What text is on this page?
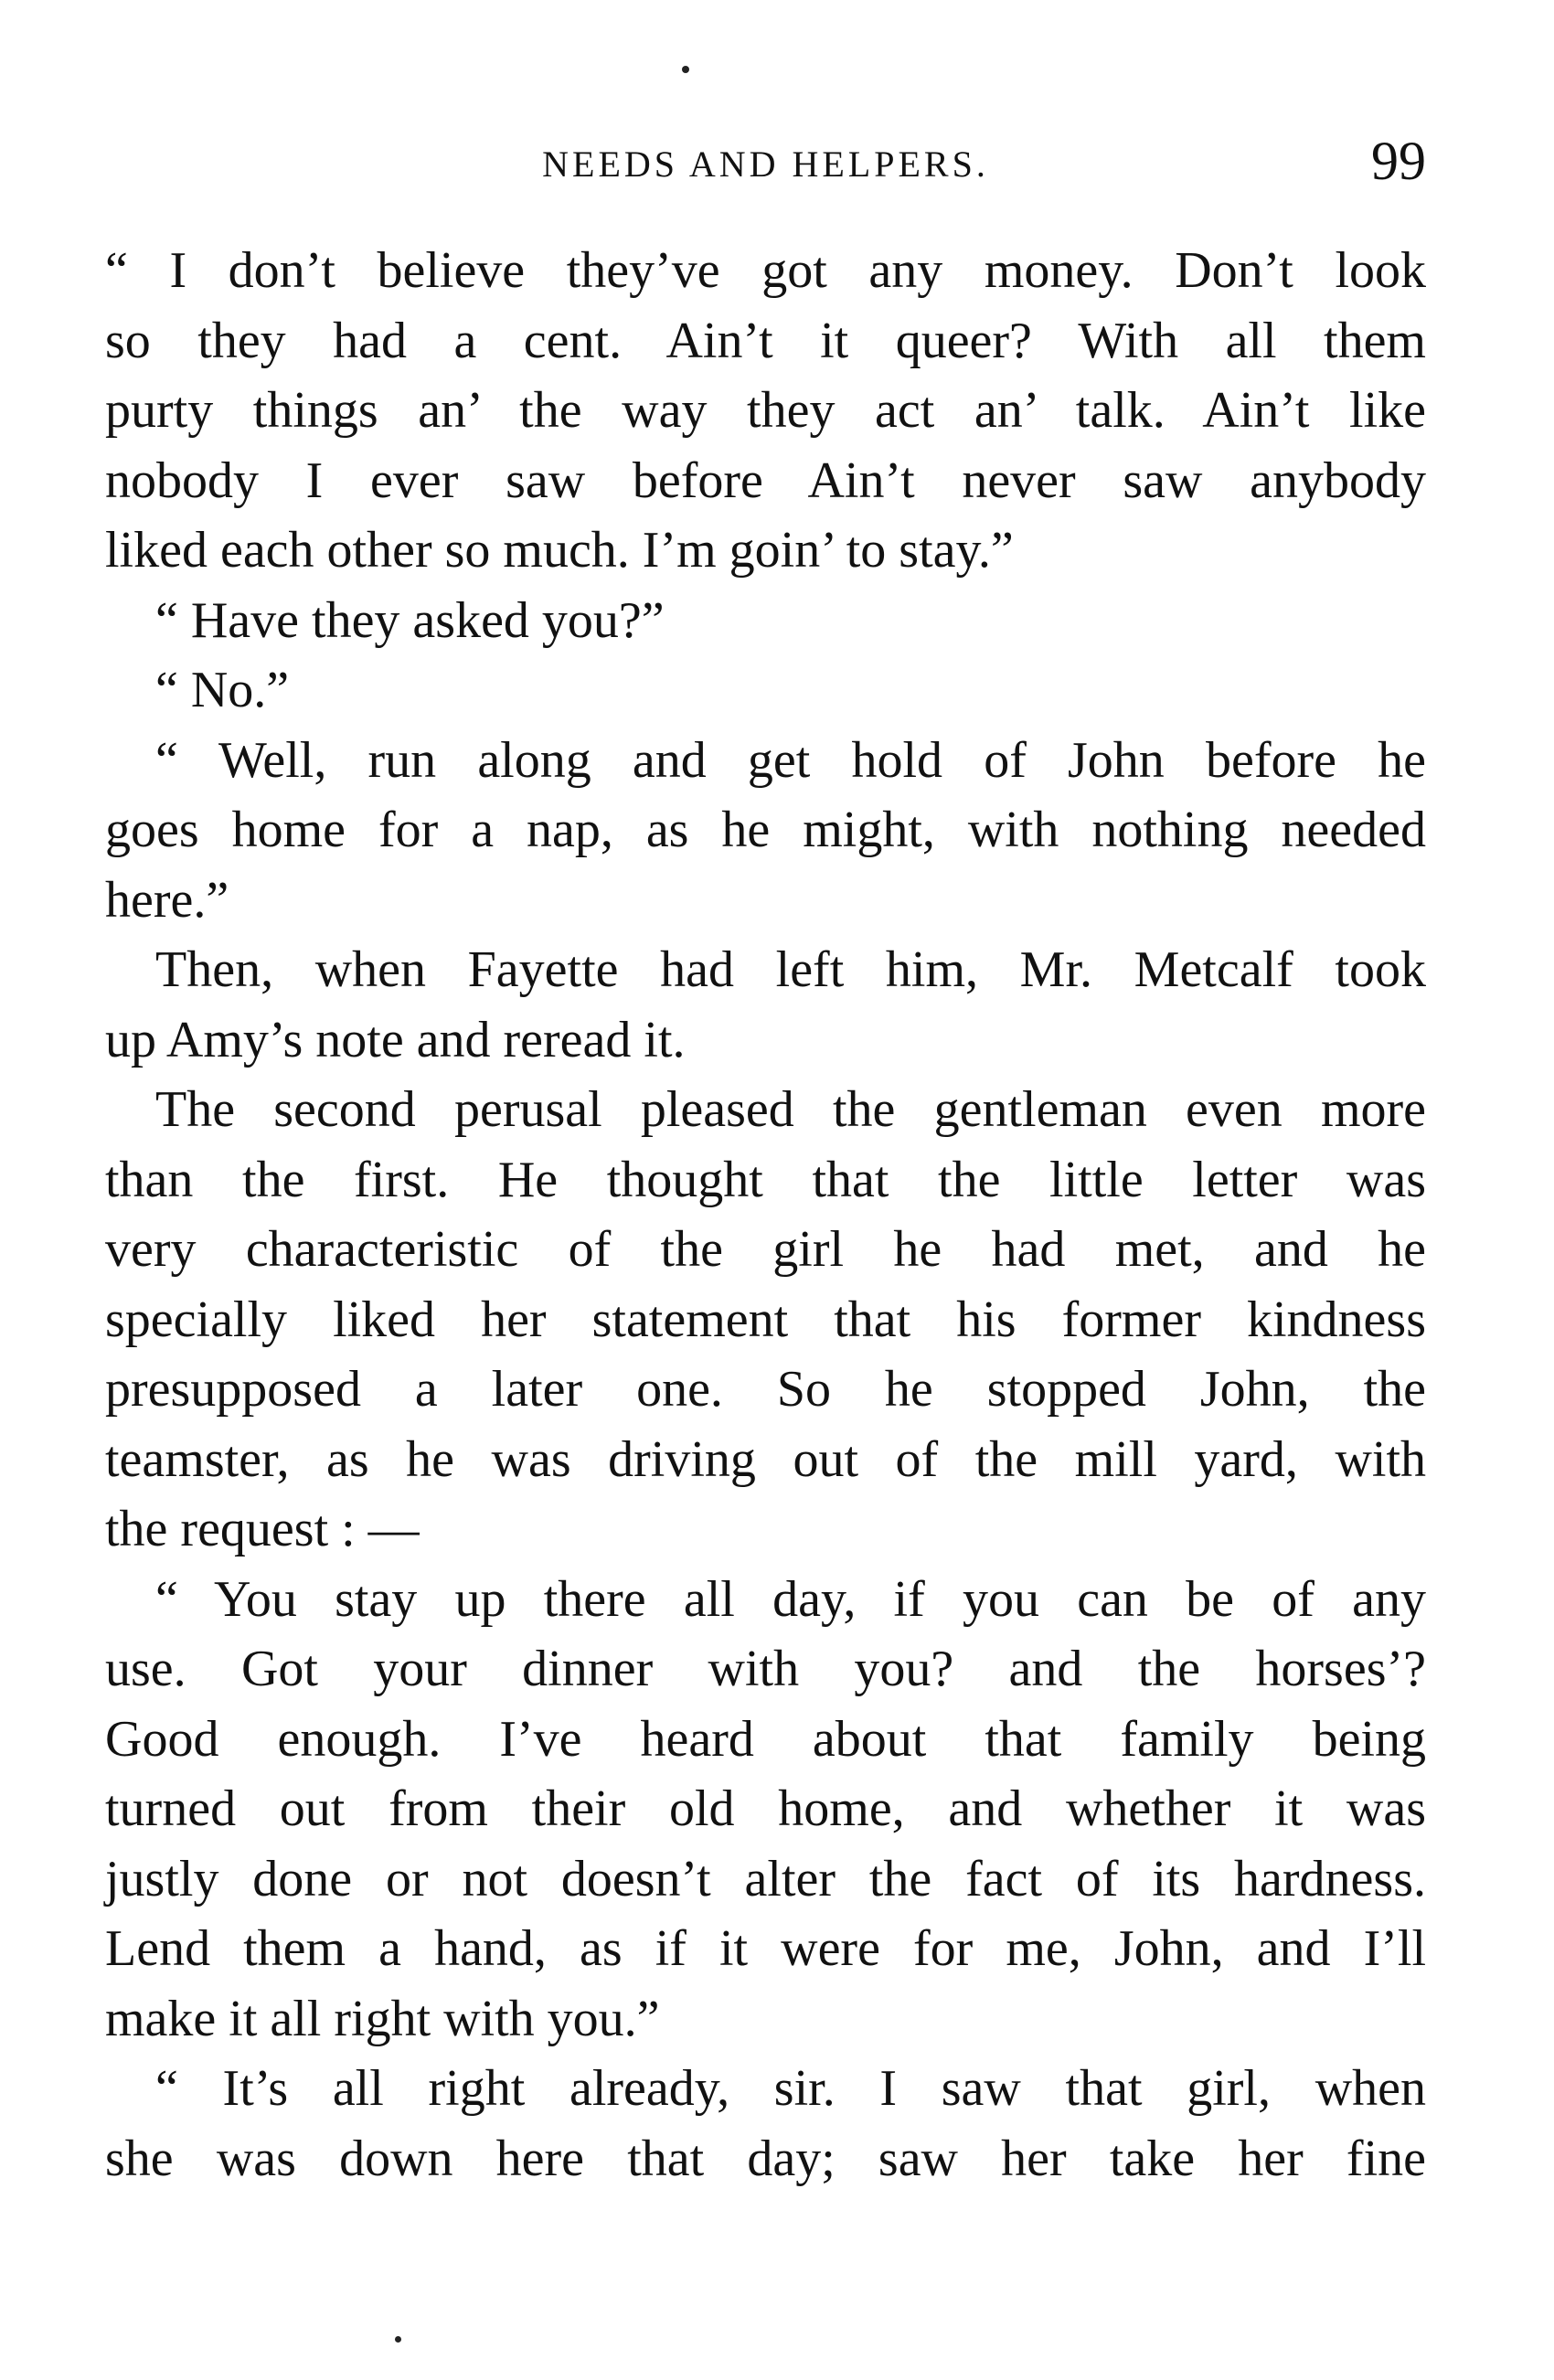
NEEDS AND HELPERS.	99
“ I don’t believe they’ve got any money. Don’t look
so they had a cent. Ain’t it queer? With all them
purty things an’ the way they act an’ talk. Ain’t like
nobody I ever saw before Ain’t never saw anybody
liked each other so much. I’m goin’ to stay.”
“ Have they asked you?”
“ No.”
“ Well, run along and get hold of John before he
goes home for a nap, as he might, with nothing needed
here.”
Then, when Fayette had left him, Mr. Metcalf took
up Amy’s note and reread it.
The second perusal pleased the gentleman even more
than the first. He thought that the little letter was
very characteristic of the girl he had met, and he
specially liked her statement that his former kindness
presupposed a later one. So he stopped John, the
teamster, as he was driving out of the mill yard, with
the request : —
“ You stay up there all day, if you can be of any
use. Got your dinner with you? and the horses’?
Good enough. I’ve heard about that family being
turned out from their old home, and whether it was
justly done or not doesn’t alter the fact of its hardness.
Lend them a hand, as if it were for me, John, and I’ll
make it all right with you.”
“ It’s all right already, sir. I saw that girl, when
she was down here that day; saw her take her fine
